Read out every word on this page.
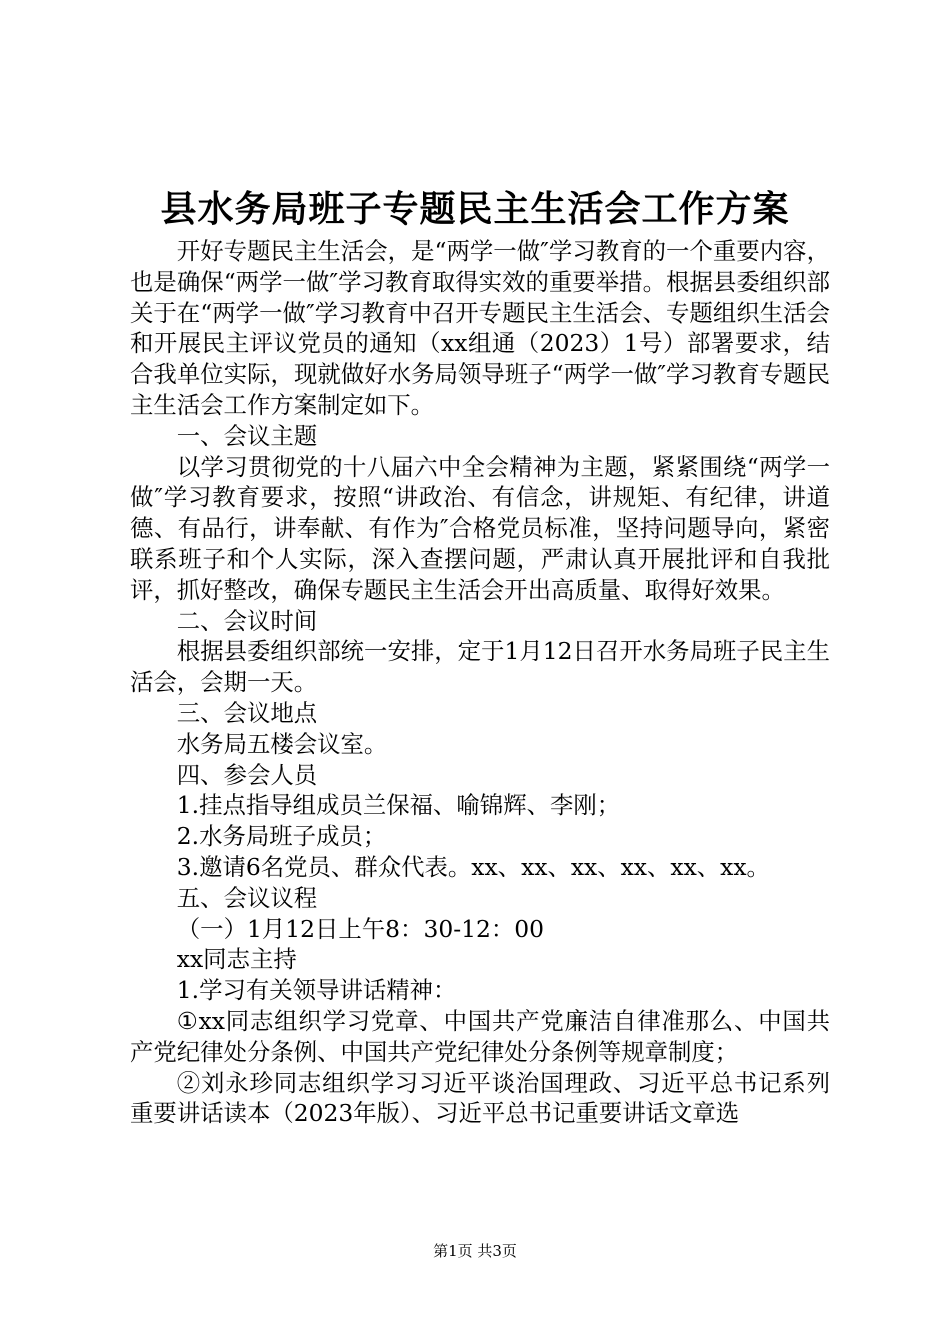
县水务局班子专题民主生活会工作方案

开好专题民主生活会，是“两学一做″学习教育的一个重要内容，也是确保“两学一做″学习教育取得实效的重要举措。根据县委组织部关于在“两学一做″学习教育中召开专题民主生活会、专题组织生活会和开展民主评议党员的通知（xx组通（2023）1号）部署要求，结合我单位实际，现就做好水务局领导班子“两学一做″学习教育专题民主生活会工作方案制定如下。

一、会议主题

以学习贯彻党的十八届六中全会精神为主题，紧紧围绕“两学一做″学习教育要求，按照“讲政治、有信念，讲规矩、有纪律，讲道德、有品行，讲奉献、有作为″合格党员标准，坚持问题导向，紧密联系班子和个人实际，深入查摆问题，严肃认真开展批评和自我批评，抓好整改，确保专题民主生活会开出高质量、取得好效果。

二、会议时间

根据县委组织部统一安排，定于1月12日召开水务局班子民主生活会，会期一天。

三、会议地点

水务局五楼会议室。

四、参会人员

1.挂点指导组成员兰保福、喻锦辉、李刚；

2.水务局班子成员；

3.邀请6名党员、群众代表。xx、xx、xx、xx、xx、xx。

五、会议议程

（一）1月12日上午8：30-12：00

xx同志主持

1.学习有关领导讲话精神：

①xx同志组织学习党章、中国共产党廉洁自律准那么、中国共产党纪律处分条例、中国共产党纪律处分条例等规章制度；

②刘永珍同志组织学习习近平谈治国理政、习近平总书记系列重要讲话读本（2023年版）、习近平总书记重要讲话文章选

第1页 共3页
